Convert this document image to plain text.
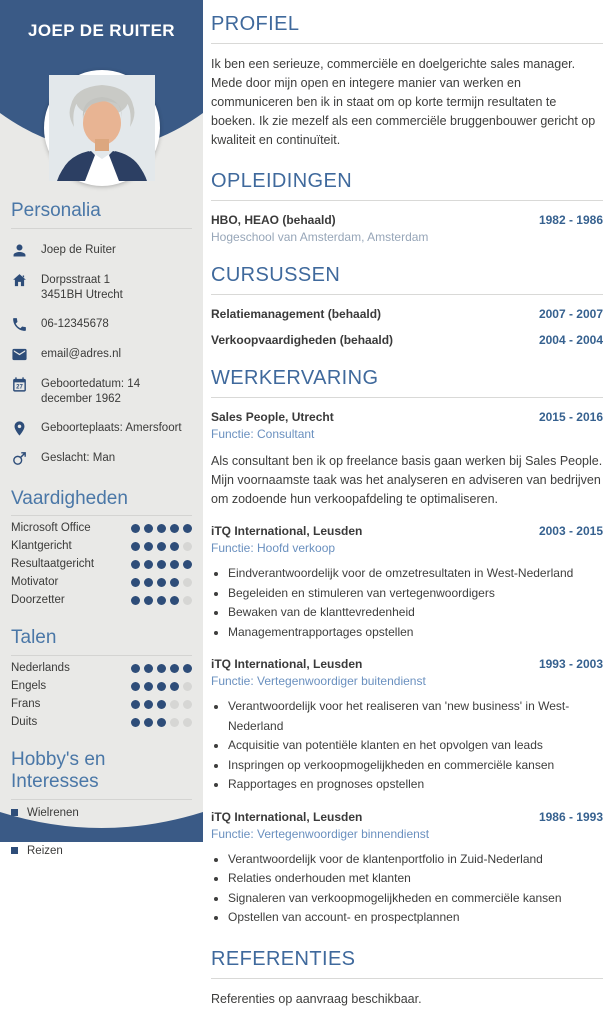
JOEP DE RUITER
Personalia
Joep de Ruiter
Dorpsstraat 1
3451BH Utrecht
06-12345678
email@adres.nl
27 Geboortedatum: 14 december 1962
Geboorteplaats: Amersfoort
Geslacht: Man
Vaardigheden
Microsoft Office
Klantgericht
Resultaatgericht
Motivator
Doorzetter
Talen
Nederlands
Engels
Frans
Duits
Hobby's en Interesses
Wielrenen
Reizen
PROFIEL

Ik ben een serieuze, commerciële en doelgerichte sales manager. Mede door mijn open en integere manier van werken en communiceren ben ik in staat om op korte termijn resultaten te boeken. Ik zie mezelf als een commerciële bruggenbouwer gericht op kwaliteit en continuïteit.

OPLEIDINGEN
HBO, HEAO (behaald)	1982 - 1986
Hogeschool van Amsterdam, Amsterdam
CURSUSSEN
Relatiemanagement (behaald)	2007 - 2007
Verkoopvaardigheden (behaald)	2004 - 2004
WERKERVARING
Sales People, Utrecht	2015 - 2016
Functie: Consultant

Als consultant ben ik op freelance basis gaan werken bij Sales People. Mijn voornaamste taak was het analyseren en adviseren van bedrijven om zodoende hun verkoopafdeling te optimaliseren.

iTQ International, Leusden	2003 - 2015
Functie: Hoofd verkoop
Eindverantwoordelijk voor de omzetresultaten in West-Nederland
Begeleiden en stimuleren van vertegenwoordigers
Bewaken van de klanttevredenheid
Managementrapportages opstellen
iTQ International, Leusden	1993 - 2003
Functie: Vertegenwoordiger buitendienst
Verantwoordelijk voor het realiseren van 'new business' in West-Nederland
Acquisitie van potentiële klanten en het opvolgen van leads
Inspringen op verkoopmogelijkheden en commerciële kansen
Rapportages en prognoses opstellen
iTQ International, Leusden	1986 - 1993
Functie: Vertegenwoordiger binnendienst
Verantwoordelijk voor de klantenportfolio in Zuid-Nederland
Relaties onderhouden met klanten
Signaleren van verkoopmogelijkheden en commerciële kansen
Opstellen van account- en prospectplannen
REFERENTIES

Referenties op aanvraag beschikbaar.
